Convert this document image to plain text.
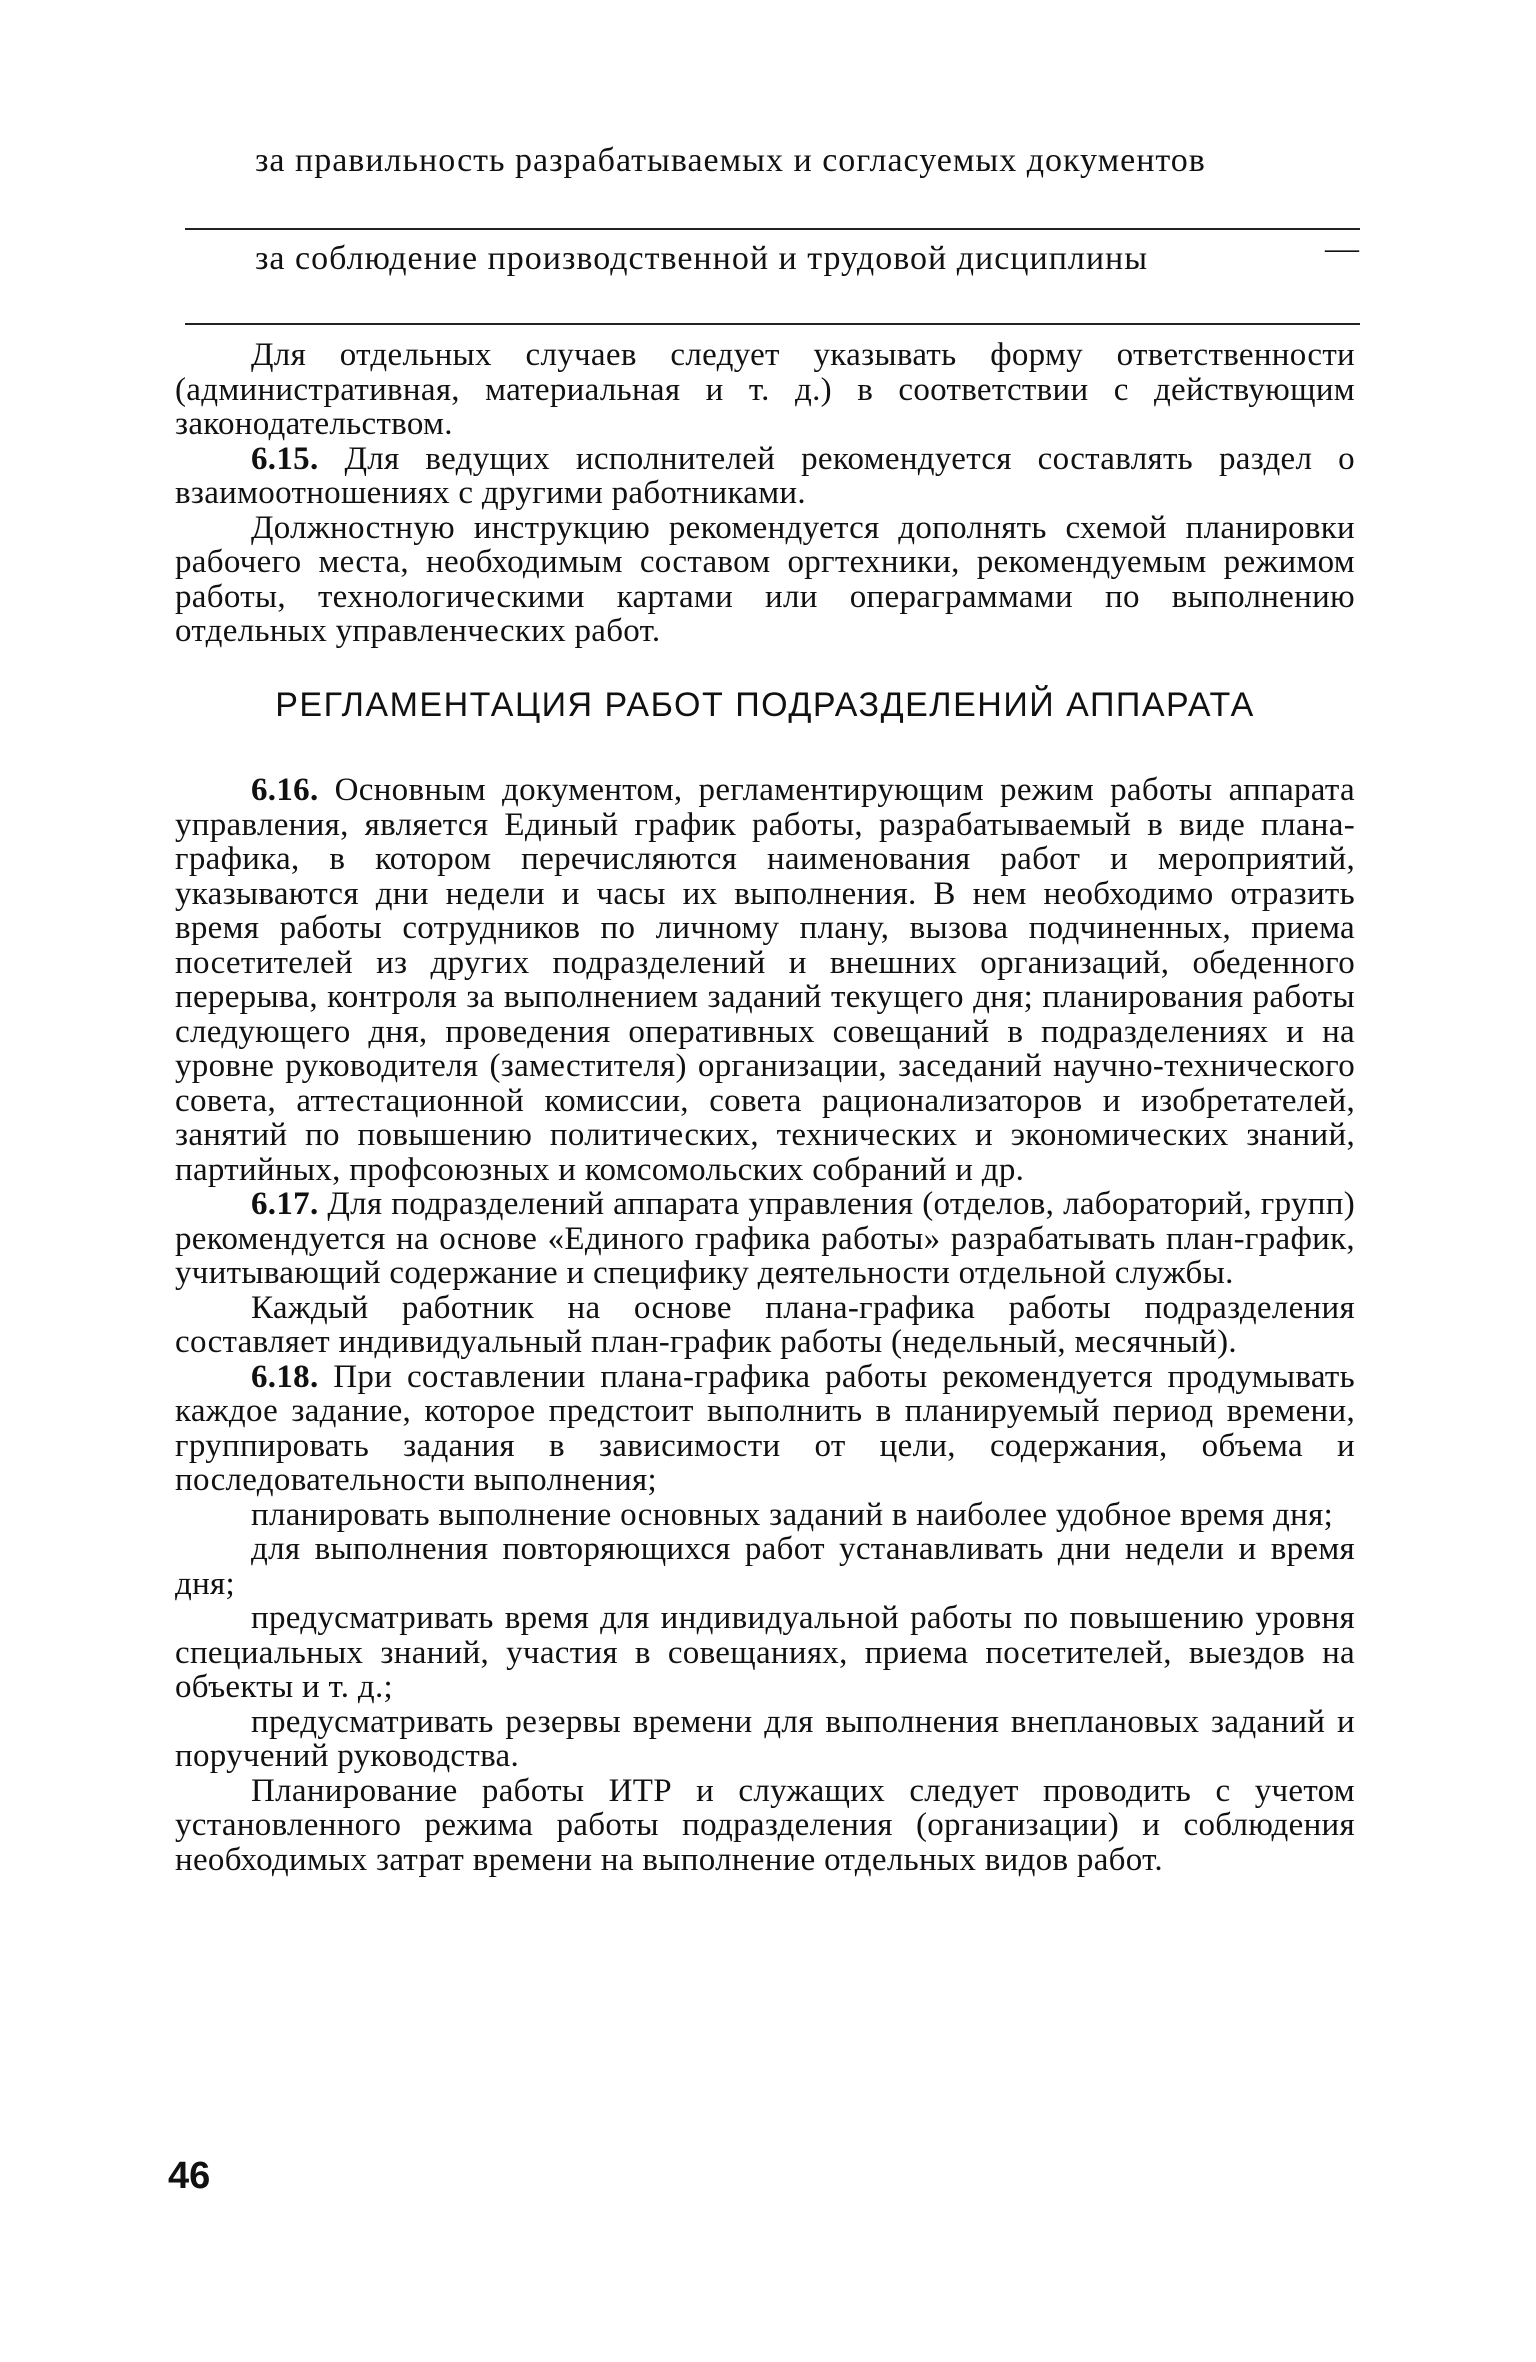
за правильность разрабатываемых и согласуемых документов
за соблюдение производственной и трудовой дисциплины	—

Для отдельных случаев следует указывать форму ответственности (административная, материальная и т. д.) в соответствии с действующим законодательством.

6.15. Для ведущих исполнителей рекомендуется составлять раздел о взаимоотношениях с другими работниками.

Должностную инструкцию рекомендуется дополнять схемой планировки рабочего места, необходимым составом оргтехники, рекомендуемым режимом работы, технологическими картами или операграммами по выполнению отдельных управленческих работ.

РЕГЛАМЕНТАЦИЯ РАБОТ ПОДРАЗДЕЛЕНИЙ АППАРАТА

6.16. Основным документом, регламентирующим режим работы аппарата управления, является Единый график работы, разрабатываемый в виде плана-графика, в котором перечисляются наименования работ и мероприятий, указываются дни недели и часы их выполнения. В нем необходимо отразить время работы сотрудников по личному плану, вызова подчиненных, приема посетителей из других подразделений и внешних организаций, обеденного перерыва, контроля за выполнением заданий текущего дня; планирования работы следующего дня, проведения оперативных совещаний в подразделениях и на уровне руководителя (заместителя) организации, заседаний научно-технического совета, аттестационной комиссии, совета рационализаторов и изобретателей, занятий по повышению политических, технических и экономических знаний, партийных, профсоюзных и комсомольских собраний и др.

6.17. Для подразделений аппарата управления (отделов, лабораторий, групп) рекомендуется на основе «Единого графика работы» разрабатывать план-график, учитывающий содержание и специфику деятельности отдельной службы.

Каждый работник на основе плана-графика работы подразделения составляет индивидуальный план-график работы (недельный, месячный).

6.18. При составлении плана-графика работы рекомендуется продумывать каждое задание, которое предстоит выполнить в планируемый период времени, группировать задания в зависимости от цели, содержания, объема и последовательности выполнения;

планировать выполнение основных заданий в наиболее удобное время дня;

для выполнения повторяющихся работ устанавливать дни недели и время дня;

предусматривать время для индивидуальной работы по повышению уровня специальных знаний, участия в совещаниях, приема посетителей, выездов на объекты и т. д.;

предусматривать резервы времени для выполнения внеплановых заданий и поручений руководства.

Планирование работы ИТР и служащих следует проводить с учетом установленного режима работы подразделения (организации) и соблюдения необходимых затрат времени на выполнение отдельных видов работ.

46
